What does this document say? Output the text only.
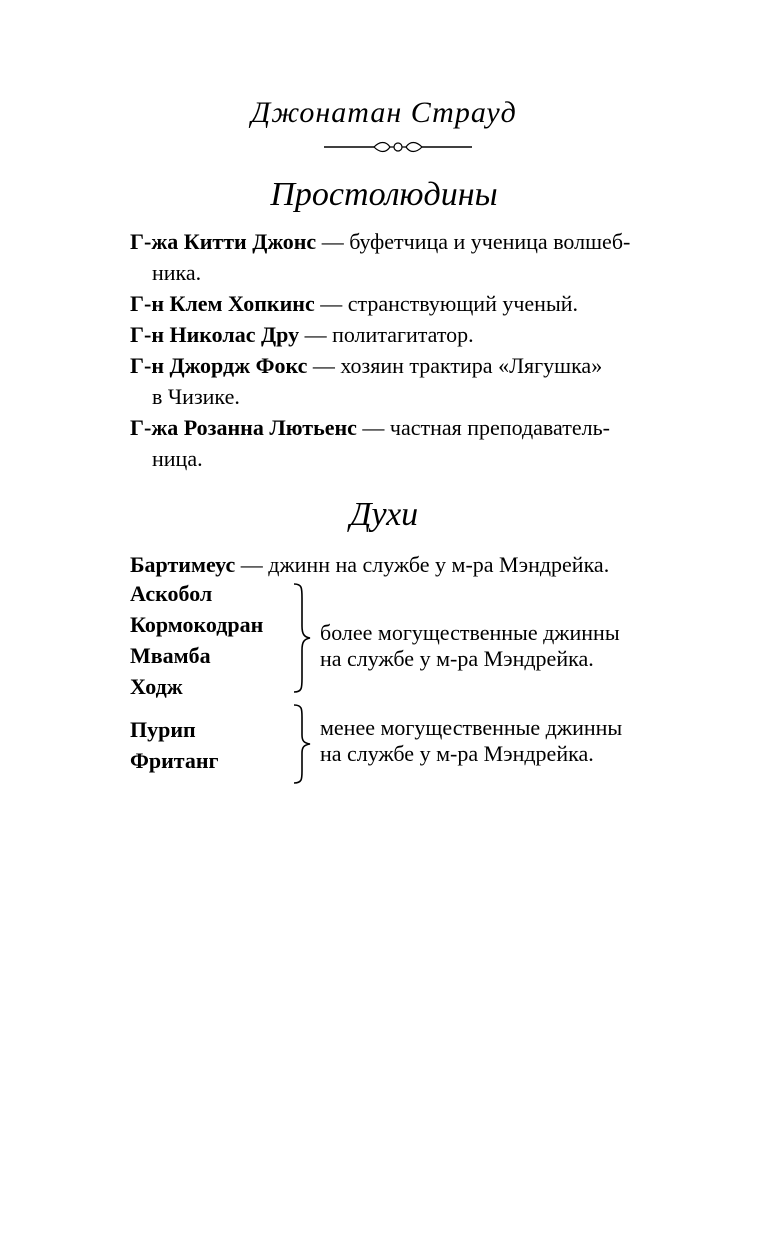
Джонатан Страуд
Простолюдины
Г-жа Китти Джонс — буфетчица и ученица волшеб-
ника.
Г-н Клем Хопкинс — странствующий ученый.
Г-н Николас Дру — политагитатор.
Г-н Джордж Фокс — хозяин трактира «Лягушка»
в Чизике.
Г-жа Розанна Лютьенс — частная преподаватель-
ница.
Духи
Бартимеус — джинн на службе у м-ра Мэндрейка.
Аскобол
Кормокодран
Мвамба
Ходж
более могущественные джинны
на службе у м-ра Мэндрейка.
Пурип
Фританг
менее могущественные джинны
на службе у м-ра Мэндрейка.
